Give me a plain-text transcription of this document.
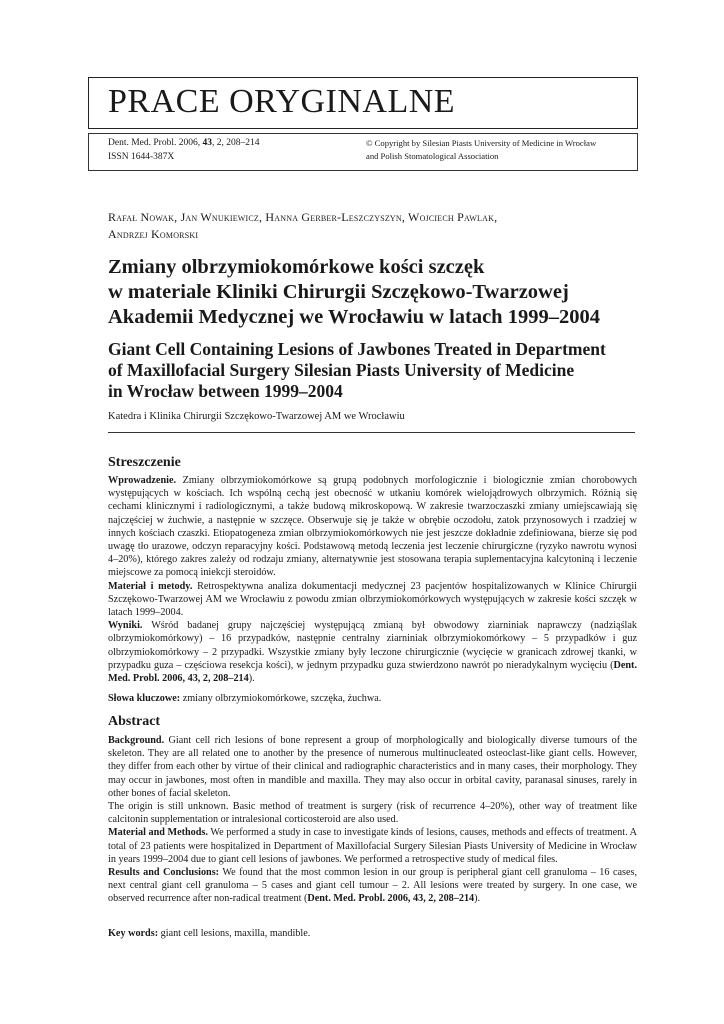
PRACE ORYGINALNE
Dent. Med. Probl. 2006, 43, 2, 208–214
ISSN 1644-387X
© Copyright by Silesian Piasts University of Medicine in Wrocław
and Polish Stomatological Association
Rafał Nowak, Jan Wnukiewicz, Hanna Gerber-Leszczyszyn, Wojciech Pawlak,
Andrzej Komorski
Zmiany olbrzymiokomórkowe kości szczęk
w materiale Kliniki Chirurgii Szczękowo-Twarzowej
Akademii Medycznej we Wrocławiu w latach 1999–2004
Giant Cell Containing Lesions of Jawbones Treated in Department
of Maxillofacial Surgery Silesian Piasts University of Medicine
in Wrocław between 1999–2004
Katedra i Klinika Chirurgii Szczękowo-Twarzowej AM we Wrocławiu
Streszczenie

Wprowadzenie. Zmiany olbrzymiokomórkowe są grupą podobnych morfologicznie i biologicznie zmian chorobowych występujących w kościach. Ich wspólną cechą jest obecność w utkaniu komórek wielojądrowych olbrzymich. Różnią się cechami klinicznymi i radiologicznymi, a także budową mikroskopową. W zakresie twarzoczaszki zmiany umiejscawiają się najczęściej w żuchwie, a następnie w szczęce. Obserwuje się je także w obrębie oczodołu, zatok przynosowych i rzadziej w innych kościach czaszki. Etiopatogeneza zmian olbrzymiokomórkowych nie jest jeszcze dokładnie zdefiniowana, bierze się pod uwagę tło urazowe, odczyn reparacyjny kości. Podstawową metodą leczenia jest leczenie chirurgiczne (ryzyko nawrotu wynosi 4–20%), którego zakres zależy od rodzaju zmiany, alternatywnie jest stosowana terapia suplementacyjna kalcytoniną i leczenie miejscowe za pomocą iniekcji steroidów.

Materiał i metody. Retrospektywna analiza dokumentacji medycznej 23 pacjentów hospitalizowanych w Klinice Chirurgii Szczękowo-Twarzowej AM we Wrocławiu z powodu zmian olbrzymiokomórkowych występujących w zakresie kości szczęk w latach 1999–2004.

Wyniki. Wśród badanej grupy najczęściej występującą zmianą był obwodowy ziarniniak naprawczy (nadziąślak olbrzymiokomórkowy) – 16 przypadków, następnie centralny ziarniniak olbrzymiokomórkowy – 5 przypadków i guz olbrzymiokomórkowy – 2 przypadki. Wszystkie zmiany były leczone chirurgicznie (wycięcie w granicach zdrowej tkanki, w przypadku guza – częściowa resekcja kości), w jednym przypadku guza stwierdzono nawrót po nieradykalnym wycięciu (Dent. Med. Probl. 2006, 43, 2, 208–214).

Słowa kluczowe: zmiany olbrzymiokomórkowe, szczęka, żuchwa.
Abstract

Background. Giant cell rich lesions of bone represent a group of morphologically and biologically diverse tumours of the skeleton. They are all related one to another by the presence of numerous multinucleated osteoclast-like giant cells. However, they differ from each other by virtue of their clinical and radiographic characteristics and in many cases, their morphology. They may occur in jawbones, most often in mandible and maxilla. They may also occur in orbital cavity, paranasal sinuses, rarely in other bones of facial skeleton.

The origin is still unknown. Basic method of treatment is surgery (risk of recurrence 4–20%), other way of treatment like calcitonin supplementation or intralesional corticosteroid are also used.

Material and Methods. We performed a study in case to investigate kinds of lesions, causes, methods and effects of treatment. A total of 23 patients were hospitalized in Department of Maxillofacial Surgery Silesian Piasts University of Medicine in Wrocław in years 1999–2004 due to giant cell lesions of jawbones. We performed a retrospective study of medical files.

Results and Conclusions: We found that the most common lesion in our group is peripheral giant cell granuloma – 16 cases, next central giant cell granuloma – 5 cases and giant cell tumour – 2. All lesions were treated by surgery. In one case, we observed recurrence after non-radical treatment (Dent. Med. Probl. 2006, 43, 2, 208–214).

Key words: giant cell lesions, maxilla, mandible.
